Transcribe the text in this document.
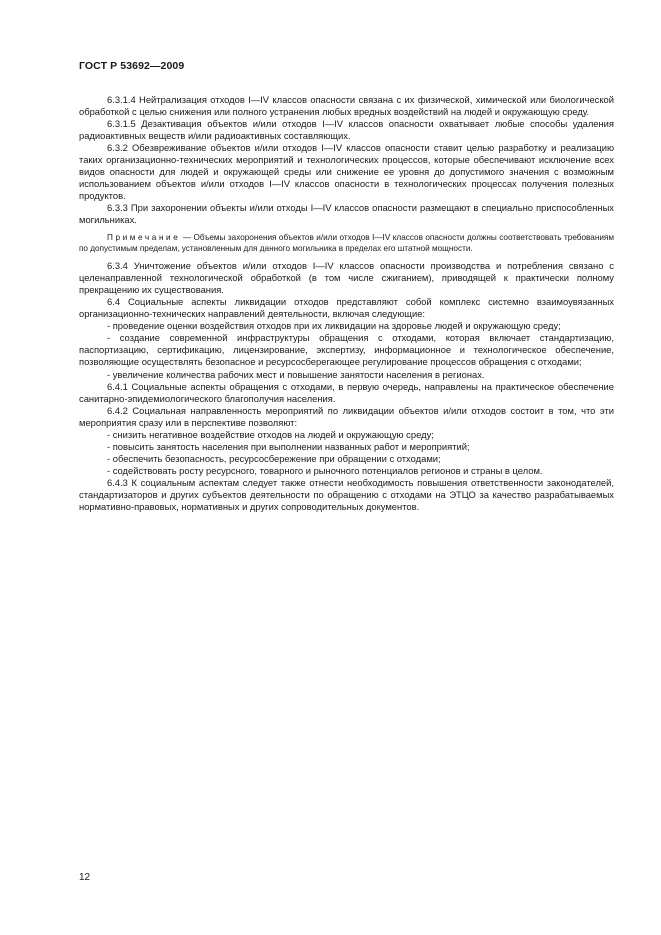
ГОСТ Р 53692—2009

6.3.1.4 Нейтрализация отходов I—IV классов опасности связана с их физической, химической или биологической обработкой с целью снижения или полного устранения любых вредных воздействий на людей и окружающую среду.

6.3.1.5 Дезактивация объектов и/или отходов I—IV классов опасности охватывает любые способы удаления радиоактивных веществ и/или радиоактивных составляющих.

6.3.2 Обезвреживание объектов и/или отходов I—IV классов опасности ставит целью разработку и реализацию таких организационно-технических мероприятий и технологических процессов, которые обеспечивают исключение всех видов опасности для людей и окружающей среды или снижение ее уровня до допустимого значения с возможным использованием объектов и/или отходов I—IV классов опасности в технологических процессах получения полезных продуктов.

6.3.3 При захоронении объекты и/или отходы I—IV классов опасности размещают в специально приспособленных могильниках.

Примечание — Объемы захоронения объектов и/или отходов I—IV классов опасности должны соответствовать требованиям по допустимым пределам, установленным для данного могильника в пределах его штатной мощности.

6.3.4 Уничтожение объектов и/или отходов I—IV классов опасности производства и потребления связано с целенаправленной технологической обработкой (в том числе сжиганием), приводящей к практически полному прекращению их существования.

6.4 Социальные аспекты ликвидации отходов представляют собой комплекс системно взаимоувязанных организационно-технических направлений деятельности, включая следующие:

- проведение оценки воздействия отходов при их ликвидации на здоровье людей и окружающую среду;

- создание современной инфраструктуры обращения с отходами, которая включает стандартизацию, паспортизацию, сертификацию, лицензирование, экспертизу, информационное и технологическое обеспечение, позволяющие осуществлять безопасное и ресурсосберегающее регулирование процессов обращения с отходами;

- увеличение количества рабочих мест и повышение занятости населения в регионах.

6.4.1 Социальные аспекты обращения с отходами, в первую очередь, направлены на практическое обеспечение санитарно-эпидемиологического благополучия населения.

6.4.2 Социальная направленность мероприятий по ликвидации объектов и/или отходов состоит в том, что эти мероприятия сразу или в перспективе позволяют:

- снизить негативное воздействие отходов на людей и окружающую среду;

- повысить занятость населения при выполнении названных работ и мероприятий;

- обеспечить безопасность, ресурсосбережение при обращении с отходами;

- содействовать росту ресурсного, товарного и рыночного потенциалов регионов и страны в целом.

6.4.3 К социальным аспектам следует также отнести необходимость повышения ответственности законодателей, стандартизаторов и других субъектов деятельности по обращению с отходами на ЭТЦО за качество разрабатываемых нормативно-правовых, нормативных и других сопроводительных документов.

12
